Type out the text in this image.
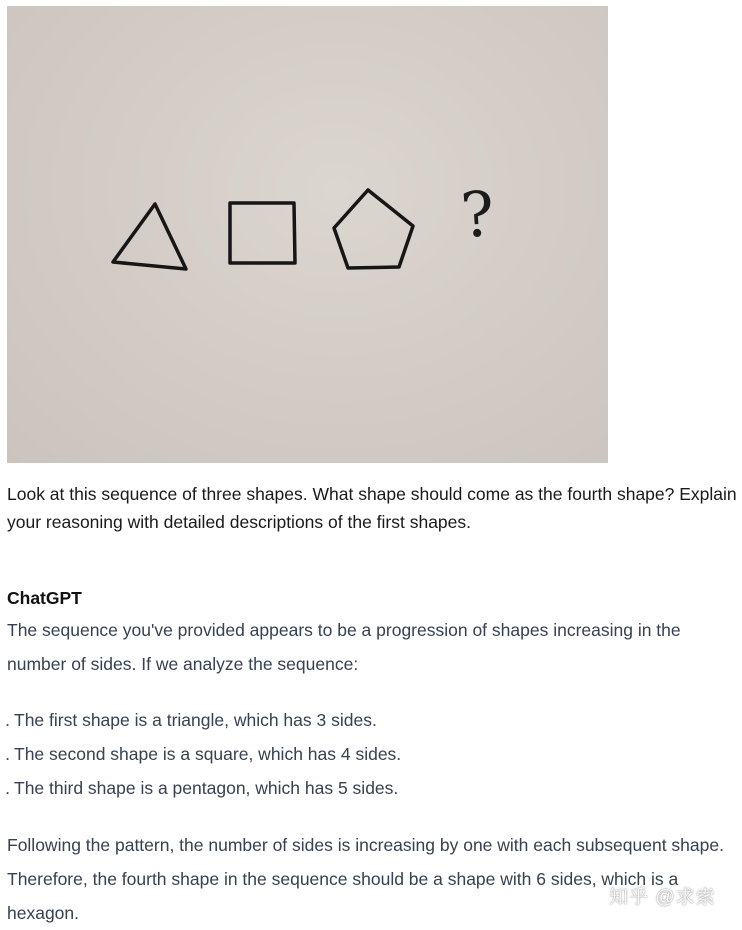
?

Look at this sequence of three shapes. What shape should come as the fourth shape? Explain

your reasoning with detailed descriptions of the first shapes.

ChatGPT

The sequence you've provided appears to be a progression of shapes increasing in the number of sides. If we analyze the sequence:

. The first shape is a triangle, which has 3 sides.
. The second shape is a square, which has 4 sides.
. The third shape is a pentagon, which has 5 sides.

Following the pattern, the number of sides is increasing by one with each subsequent shape. Therefore, the fourth shape in the sequence should be a shape with 6 sides, which is a hexagon.

知乎 @求索
